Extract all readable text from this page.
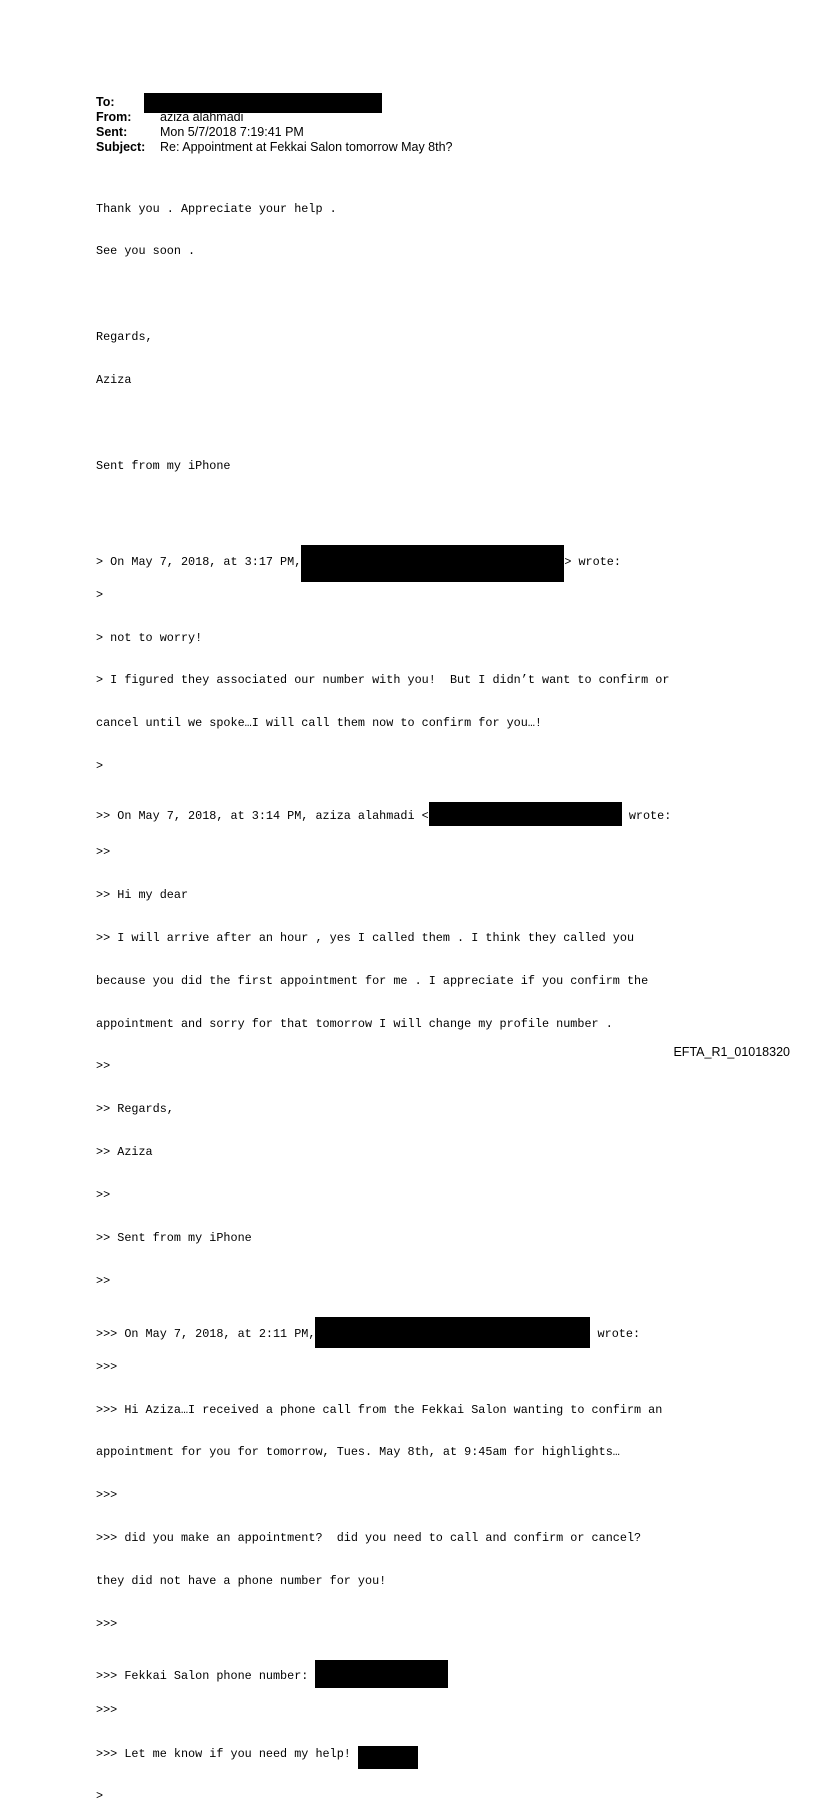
To:
From: aziza alahmadi
Sent:	Mon 5/7/2018 7:19:41 PM
Subject: Re: Appointment at Fekkai Salon tomorrow May 8th?

Thank you . Appreciate your help .

See you soon .

Regards,

Aziza

Sent from my iPhone

> On May 7, 2018, at 3:17 PM,	> wrote:

>

> not to worry!

> I figured they associated our number with you!  But I didn’t want to confirm or

cancel until we spoke…I will call them now to confirm for you…!

>

>> On May 7, 2018, at 3:14 PM, aziza alahmadi <	wrote:

>>

>> Hi my dear

>> I will arrive after an hour , yes I called them . I think they called you

because you did the first appointment for me . I appreciate if you confirm the

appointment and sorry for that tomorrow I will change my profile number .

>>

>> Regards,

>> Aziza

>>

>> Sent from my iPhone

>>

>>> On May 7, 2018, at 2:11 PM,	wrote:

>>>

>>> Hi Aziza…I received a phone call from the Fekkai Salon wanting to confirm an

appointment for you for tomorrow, Tues. May 8th, at 9:45am for highlights…

>>>

>>> did you make an appointment?  did you need to call and confirm or cancel?

they did not have a phone number for you!

>>>

>>> Fekkai Salon phone number:

>>>

>>> Let me know if you need my help!

>

EFTA_R1_01018320
